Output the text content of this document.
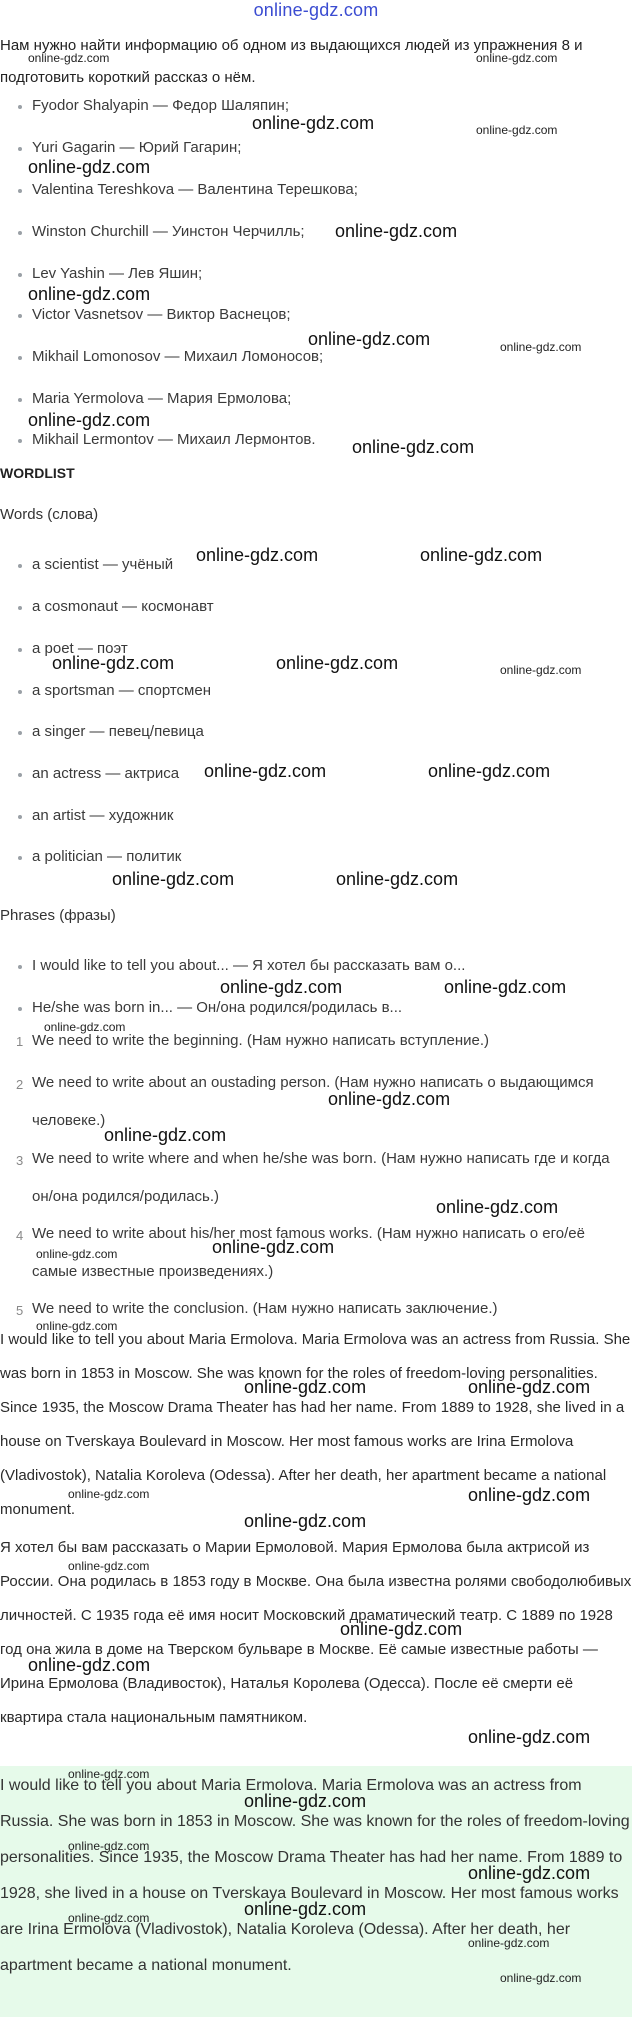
online-gdz.com
Нам нужно найти информацию об одном из выдающихся людей из упражнения 8 и подготовить короткий рассказ о нём.
Fyodor Shalyapin — Федор Шаляпин;
Yuri Gagarin — Юрий Гагарин;
Valentina Tereshkova — Валентина Терешкова;
Winston Churchill — Уинстон Черчилль;
Lev Yashin — Лев Яшин;
Victor Vasnetsov — Виктор Васнецов;
Mikhail Lomonosov — Михаил Ломоносов;
Maria Yermolova — Мария Ермолова;
Mikhail Lermontov — Михаил Лермонтов.
WORDLIST
Words (слова)
a scientist — учёный
a cosmonaut — космонавт
a poet — поэт
a sportsman — спортсмен
a singer — певец/певица
an actress — актриса
an artist — художник
a politician — политик
Phrases (фразы)
I would like to tell you about... — Я хотел бы рассказать вам о...
He/she was born in... — Он/она родился/родилась в...
1 We need to write the beginning. (Нам нужно написать вступление.)
2 We need to write about an oustading person. (Нам нужно написать о выдающимся человеке.)
3 We need to write where and when he/she was born. (Нам нужно написать где и когда он/она родился/родилась.)
4 We need to write about his/her most famous works. (Нам нужно написать о его/её самые известные произведениях.)
5 We need to write the conclusion. (Нам нужно написать заключение.)
I would like to tell you about Maria Ermolova. Maria Ermolova was an actress from Russia. She was born in 1853 in Moscow. She was known for the roles of freedom-loving personalities. Since 1935, the Moscow Drama Theater has had her name. From 1889 to 1928, she lived in a house on Tverskaya Boulevard in Moscow. Her most famous works are Irina Ermolova (Vladivostok), Natalia Koroleva (Odessa). After her death, her apartment became a national monument.
Я хотел бы вам рассказать о Марии Ермоловой. Мария Ермолова была актрисой из России. Она родилась в 1853 году в Москве. Она была известна ролями свободолюбивых личностей. С 1935 года её имя носит Московский драматический театр. С 1889 по 1928 год она жила в доме на Тверском бульваре в Москве. Её самые известные работы — Ирина Ермолова (Владивосток), Наталья Королева (Одесса). После её смерти её квартира стала национальным памятником.
I would like to tell you about Maria Ermolova. Maria Ermolova was an actress from Russia. She was born in 1853 in Moscow. She was known for the roles of freedom-loving personalities. Since 1935, the Moscow Drama Theater has had her name. From 1889 to 1928, she lived in a house on Tverskaya Boulevard in Moscow. Her most famous works are Irina Ermolova (Vladivostok), Natalia Koroleva (Odessa). After her death, her apartment became a national monument.
online-gdz.com	online-gdz.com
online-gdz.com	online-gdz.com
online-gdz.com
online-gdz.com
online-gdz.com
online-gdz.com	online-gdz.com
online-gdz.com
online-gdz.com
online-gdz.com	online-gdz.com
online-gdz.com	online-gdz.com	online-gdz.com
online-gdz.com	online-gdz.com
online-gdz.com	online-gdz.com
online-gdz.com	online-gdz.com
online-gdz.com
online-gdz.com
online-gdz.com
online-gdz.com
online-gdz.com
online-gdz.com
online-gdz.com
online-gdz.com	online-gdz.com
online-gdz.com	online-gdz.com
online-gdz.com
online-gdz.com
online-gdz.com
online-gdz.com
online-gdz.com
online-gdz.com
online-gdz.com
online-gdz.com
online-gdz.com
online-gdz.com
online-gdz.com
online-gdz.com
online-gdz.com
